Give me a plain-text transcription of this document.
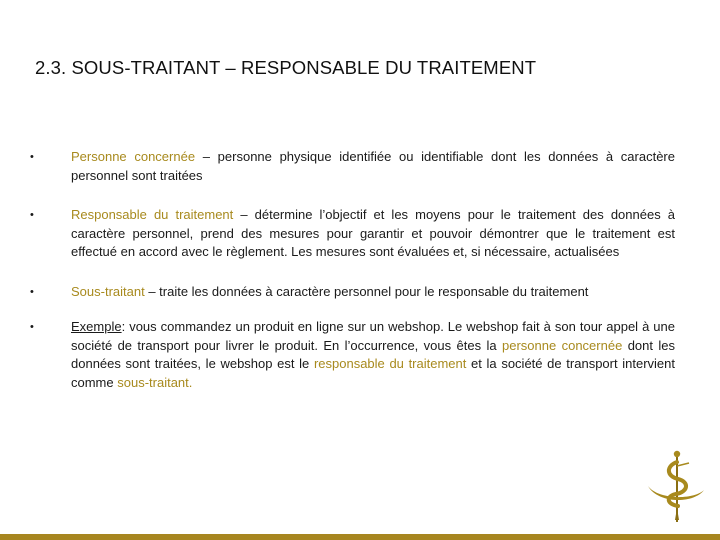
2.3. SOUS-TRAITANT – RESPONSABLE DU TRAITEMENT
•	Personne concernée – personne physique identifiée ou identifiable dont les données à caractère personnel sont traitées
•	Responsable du traitement – détermine l’objectif et les moyens pour le traitement des données à caractère personnel, prend des mesures pour garantir et pouvoir démontrer que le traitement est effectué en accord avec le règlement. Les mesures sont évaluées et, si nécessaire, actualisées
•	Sous-traitant – traite les données à caractère personnel pour le responsable du traitement
•	Exemple: vous commandez un produit en ligne sur un webshop. Le webshop fait à son tour appel à une société de transport pour livrer le produit. En l’occurrence, vous êtes la personne concernée dont les données sont traitées, le webshop est le responsable du traitement et la société de transport intervient comme sous-traitant.
